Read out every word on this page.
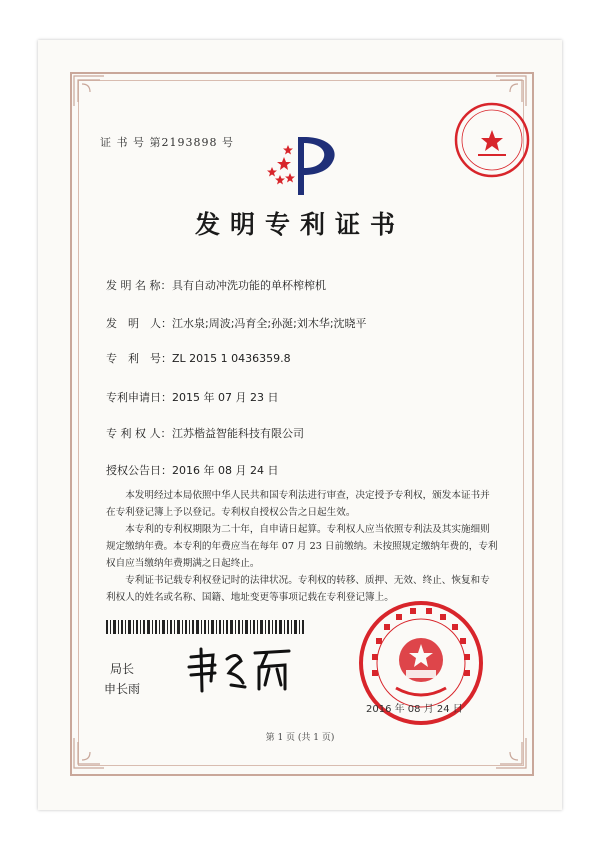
证 书 号 第2193898 号
发明专利证书
发 明 名 称：具有自动冲洗功能的单杯榨榨机
发　明　人：江水泉;周波;冯育全;孙涎;刘木华;沈晓平
专　利　号：ZL 2015 1 0436359.8
专利申请日：2015 年 07 月 23 日
专 利 权 人：江苏楷益智能科技有限公司
授权公告日：2016 年 08 月 24 日

本发明经过本局依照中华人民共和国专利法进行审查，决定授予专利权，颁发本证书并在专利登记簿上予以登记。专利权自授权公告之日起生效。

本专利的专利权期限为二十年，自申请日起算。专利权人应当依照专利法及其实施细则规定缴纳年费。本专利的年费应当在每年 07 月 23 日前缴纳。未按照规定缴纳年费的，专利权自应当缴纳年费期满之日起终止。

专利证书记载专利权登记时的法律状况。专利权的转移、质押、无效、终止、恢复和专利权人的姓名或名称、国籍、地址变更等事项记载在专利登记簿上。

局长
申长雨
2016 年 08 月 24 日
第 1 页 (共 1 页)
